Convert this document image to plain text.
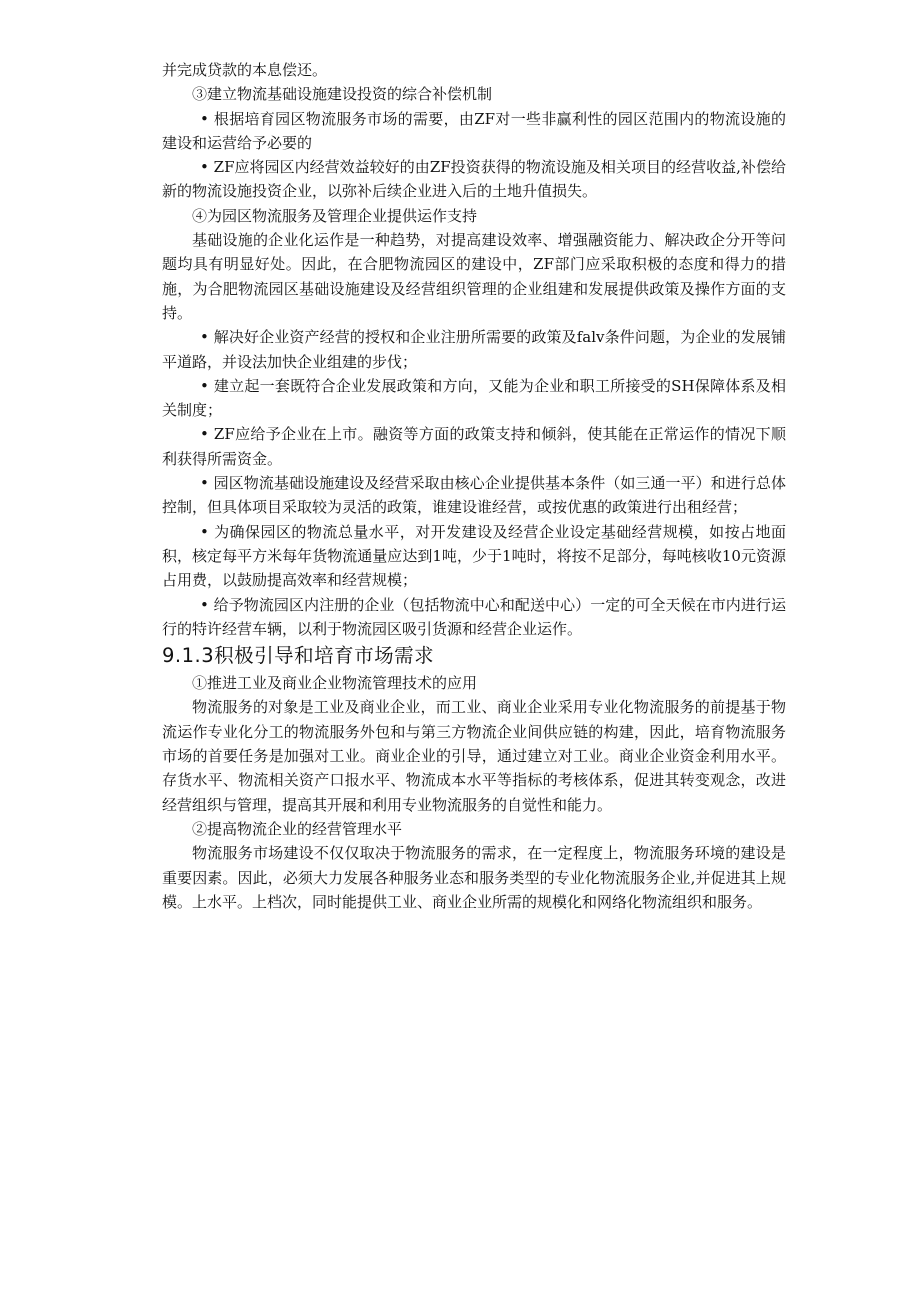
并完成贷款的本息偿还。

③建立物流基础设施建设投资的综合补偿机制

• 根据培育园区物流服务市场的需要，由ZF对一些非赢利性的园区范围内的物流设施的建设和运营给予必要的

• ZF应将园区内经营效益较好的由ZF投资获得的物流设施及相关项目的经营收益,补偿给新的物流设施投资企业，以弥补后续企业进入后的土地升值损失。

④为园区物流服务及管理企业提供运作支持

基础设施的企业化运作是一种趋势，对提高建设效率、增强融资能力、解决政企分开等问题均具有明显好处。因此，在合肥物流园区的建设中，ZF部门应采取积极的态度和得力的措施，为合肥物流园区基础设施建设及经营组织管理的企业组建和发展提供政策及操作方面的支持。

• 解决好企业资产经营的授权和企业注册所需要的政策及falv条件问题，为企业的发展铺平道路，并设法加快企业组建的步伐；

• 建立起一套既符合企业发展政策和方向，又能为企业和职工所接受的SH保障体系及相关制度；

• ZF应给予企业在上市。融资等方面的政策支持和倾斜，使其能在正常运作的情况下顺利获得所需资金。

• 园区物流基础设施建设及经营采取由核心企业提供基本条件（如三通一平）和进行总体控制，但具体项目采取较为灵活的政策，谁建设谁经营，或按优惠的政策进行出租经营；

• 为确保园区的物流总量水平，对开发建设及经营企业设定基础经营规模，如按占地面积，核定每平方米每年货物流通量应达到1吨，少于1吨时，将按不足部分，每吨核收10元资源占用费，以鼓励提高效率和经营规模；

• 给予物流园区内注册的企业（包括物流中心和配送中心）一定的可全天候在市内进行运行的特许经营车辆，以利于物流园区吸引货源和经营企业运作。

9.1.3积极引导和培育市场需求

①推进工业及商业企业物流管理技术的应用

物流服务的对象是工业及商业企业，而工业、商业企业采用专业化物流服务的前提基于物流运作专业化分工的物流服务外包和与第三方物流企业间供应链的构建，因此，培育物流服务市场的首要任务是加强对工业。商业企业的引导，通过建立对工业。商业企业资金利用水平。存货水平、物流相关资产口报水平、物流成本水平等指标的考核体系，促进其转变观念，改进经营组织与管理，提高其开展和利用专业物流服务的自觉性和能力。

②提高物流企业的经营管理水平

物流服务市场建设不仅仅取决于物流服务的需求，在一定程度上，物流服务环境的建设是重要因素。因此，必须大力发展各种服务业态和服务类型的专业化物流服务企业,并促进其上规模。上水平。上档次，同时能提供工业、商业企业所需的规模化和网络化物流组织和服务。
